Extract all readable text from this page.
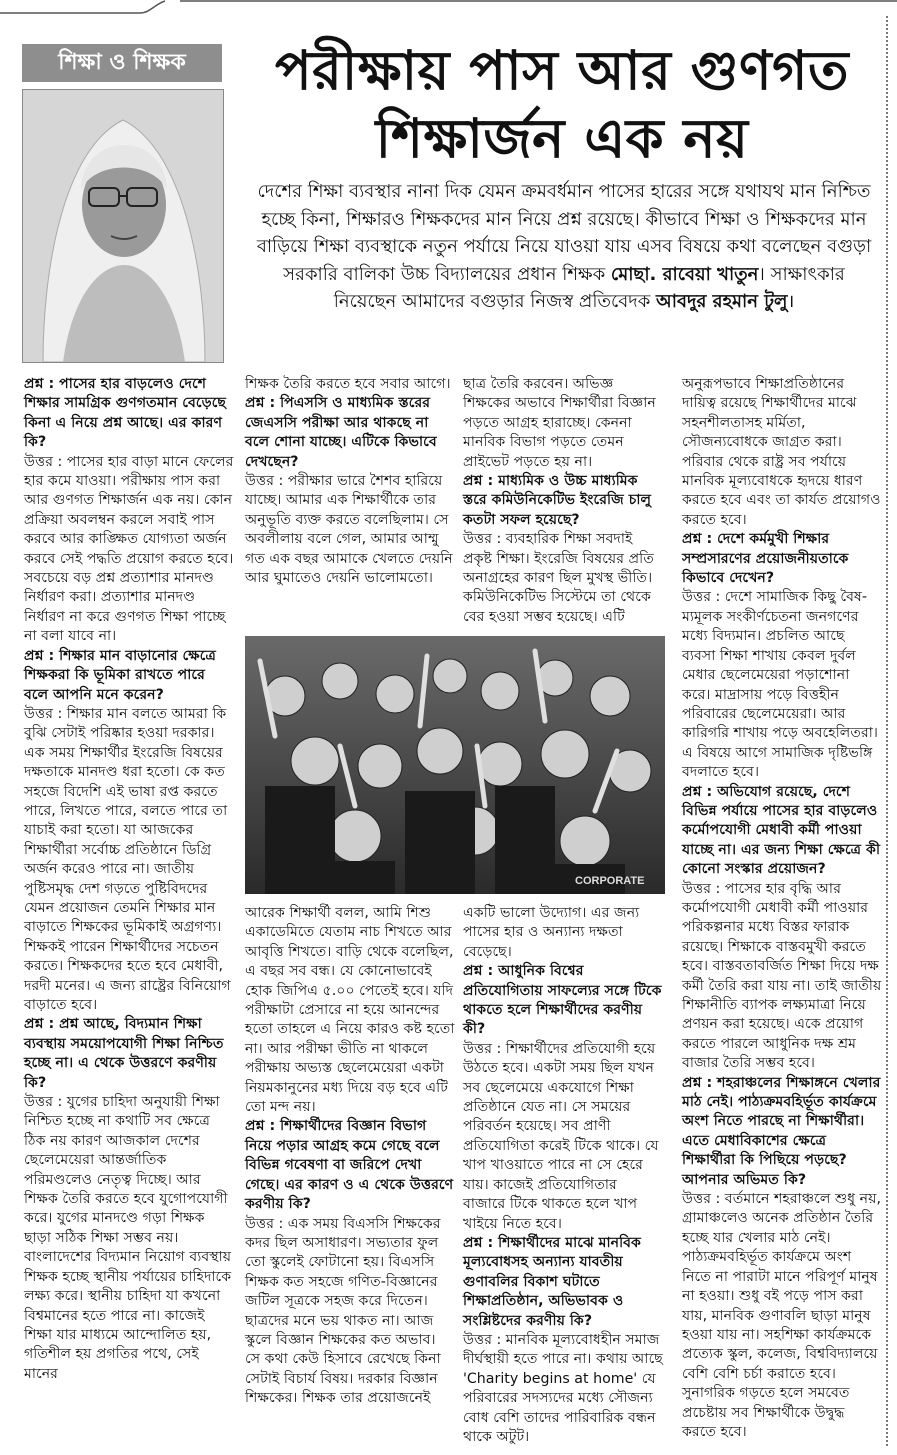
শিক্ষা ও শিক্ষক	পরীক্ষায় পাস আর গুণগত
শিক্ষার্জন এক নয়
দেশের শিক্ষা ব্যবস্থার নানা দিক যেমন ক্রমবর্ধমান পাসের হারের সঙ্গে যথাযথ মান নিশ্চিত হচ্ছে কিনা, শিক্ষারও শিক্ষকদের মান নিয়ে প্রশ্ন রয়েছে। কীভাবে শিক্ষা ও শিক্ষকদের মান বাড়িয়ে শিক্ষা ব্যবস্থাকে নতুন পর্যায়ে নিয়ে যাওয়া যায় এসব বিষয়ে কথা বলেছেন বগুড়া সরকারি বালিকা উচ্চ বিদ্যালয়ের প্রধান শিক্ষক মোছা. রাবেয়া খাতুন। সাক্ষাৎকার নিয়েছেন আমাদের বগুড়ার নিজস্ব প্রতিবেদক আবদুর রহমান টুলু।

প্রশ্ন : পাসের হার বাড়লেও দেশে শিক্ষার সামগ্রিক গুণগতমান বেড়েছে কিনা এ নিয়ে প্রশ্ন আছে। এর কারণ কি?

উত্তর : পাসের হার বাড়া মানে ফেলের হার কমে যাওয়া। পরীক্ষায় পাস করা আর গুণগত শিক্ষার্জন এক নয়। কোন প্রক্রিয়া অবলম্বন করলে সবাই পাস করবে আর কাঙ্ক্ষিত যোগ্যতা অর্জন করবে সেই পদ্ধতি প্রয়োগ করতে হবে। সবচেয়ে বড় প্রশ্ন প্রত্যাশার মানদণ্ড নির্ধারণ করা। প্রত্যাশার মানদণ্ড নির্ধারণ না করে গুণগত শিক্ষা পাচ্ছে না বলা যাবে না।

প্রশ্ন : শিক্ষার মান বাড়ানোর ক্ষেত্রে শিক্ষকরা কি ভূমিকা রাখতে পারে বলে আপনি মনে করেন?

উত্তর : শিক্ষার মান বলতে আমরা কি বুঝি সেটাই পরিষ্কার হওয়া দরকার। এক সময় শিক্ষার্থীর ইংরেজি বিষয়ের দক্ষতাকে মানদণ্ড ধরা হতো। কে কত সহজে বিদেশি এই ভাষা রপ্ত করতে পারে, লিখতে পারে, বলতে পারে তা যাচাই করা হতো। যা আজকের শিক্ষার্থীরা সর্বোচ্চ প্রতিষ্ঠানে ডিগ্রি অর্জন করেও পারে না। জাতীয় পুষ্টিসমৃদ্ধ দেশ গড়তে পুষ্টিবিদদের যেমন প্রয়োজন তেমনি শিক্ষার মান বাড়াতে শিক্ষকের ভূমিকাই অগ্রগণ্য। শিক্ষকই পারেন শিক্ষার্থীদের সচেতন করতে। শিক্ষকদের হতে হবে মেধাবী, দরদী মনের। এ জন্য রাষ্ট্রের বিনিয়োগ বাড়াতে হবে।

প্রশ্ন : প্রশ্ন আছে, বিদ্যমান শিক্ষা ব্যবস্থায় সময়োপযোগী শিক্ষা নিশ্চিত হচ্ছে না। এ থেকে উত্তরণে করণীয় কি?

উত্তর : যুগের চাহিদা অনুযায়ী শিক্ষা নিশ্চিত হচ্ছে না কথাটি সব ক্ষেত্রে ঠিক নয় কারণ আজকাল দেশের ছেলেমেয়েরা আন্তর্জাতিক পরিমণ্ডলেও নেতৃত্ব দিচ্ছে। আর শিক্ষক তৈরি করতে হবে যুগোপযোগী করে। যুগের মানদণ্ডে গড়া শিক্ষক ছাড়া সঠিক শিক্ষা সম্ভব নয়। বাংলাদেশের বিদ্যমান নিয়োগ ব্যবস্থায় শিক্ষক হচ্ছে স্থানীয় পর্যায়ের চাহিদাকে লক্ষ্য করে। স্থানীয় চাহিদা যা কখনো বিশ্বমানের হতে পারে না। কাজেই শিক্ষা যার মাধ্যমে আন্দোলিত হয়, গতিশীল হয় প্রগতির পথে, সেই মানের

শিক্ষক তৈরি করতে হবে সবার আগে।

প্রশ্ন : পিএসসি ও মাধ্যমিক স্তরের জেএসসি পরীক্ষা আর থাকছে না বলে শোনা যাচ্ছে। এটিকে কিভাবে দেখছেন?

উত্তর : পরীক্ষার ভারে শৈশব হারিয়ে যাচ্ছে। আমার এক শিক্ষার্থীকে তার অনুভূতি ব্যক্ত করতে বলেছিলাম। সে অবলীলায় বলে গেল, আমার আম্মু গত এক বছর আমাকে খেলতে দেয়নি আর ঘুমাতেও দেয়নি ভালোমতো।

ছাত্র তৈরি করবেন। অভিজ্ঞ শিক্ষকের অভাবে শিক্ষার্থীরা বিজ্ঞান পড়তে আগ্রহ হারাচ্ছে। কেননা মানবিক বিভাগ পড়তে তেমন প্রাইভেট পড়তে হয় না।

প্রশ্ন : মাধ্যমিক ও উচ্চ মাধ্যমিক স্তরে কমিউনিকেটিভ ইংরেজি চালু কতটা সফল হয়েছে?

উত্তর : ব্যবহারিক শিক্ষা সবদাই প্রকৃষ্ট শিক্ষা। ইংরেজি বিষয়ের প্রতি অনাগ্রহের কারণ ছিল মুখস্থ ভীতি। কমিউনিকেটিভ সিস্টেমে তা থেকে বের হওয়া সম্ভব হয়েছে। এটি

CORPORATE

আরেক শিক্ষার্থী বলল, আমি শিশু একাডেমিতে যেতাম নাচ শিখতে আর আবৃত্তি শিখতে। বাড়ি থেকে বলেছিল, এ বছর সব বন্ধ। যে কোনোভাবেই হোক জিপিএ ৫.০০ পেতেই হবে। যদি পরীক্ষাটা প্রেসারে না হয়ে আনন্দের হতো তাহলে এ নিয়ে কারও কষ্ট হতো না। আর পরীক্ষা ভীতি না থাকলে পরীক্ষায় অভ্যস্ত ছেলেমেয়েরা একটা নিয়মকানুনের মধ্য দিয়ে বড় হবে এটি তো মন্দ নয়।

প্রশ্ন : শিক্ষার্থীদের বিজ্ঞান বিভাগ নিয়ে পড়ার আগ্রহ কমে গেছে বলে বিভিন্ন গবেষণা বা জরিপে দেখা গেছে। এর কারণ ও এ থেকে উত্তরণে করণীয় কি?

উত্তর : এক সময় বিএসসি শিক্ষকের কদর ছিল অসাধারণ। সভ্যতার ফুল তো স্কুলেই ফোটানো হয়। বিএসসি শিক্ষক কত সহজে গণিত-বিজ্ঞানের জটিল সূত্রকে সহজ করে দিতেন। ছাত্রদের মনে ভয় থাকত না। আজ স্কুলে বিজ্ঞান শিক্ষকের কত অভাব। সে কথা কেউ হিসাবে রেখেছে কিনা সেটাই বিচার্য বিষয়। দরকার বিজ্ঞান শিক্ষকের। শিক্ষক তার প্রয়োজনেই

একটি ভালো উদ্যোগ। এর জন্য পাসের হার ও অন্যান্য দক্ষতা বেড়েছে।

প্রশ্ন : আধুনিক বিশ্বের প্রতিযোগিতায় সাফল্যের সঙ্গে টিকে থাকতে হলে শিক্ষার্থীদের করণীয় কী?

উত্তর : শিক্ষার্থীদের প্রতিযোগী হয়ে উঠতে হবে। একটা সময় ছিল যখন সব ছেলেমেয়ে একযোগে শিক্ষা প্রতিষ্ঠানে যেত না। সে সময়ের পরিবর্তন হয়েছে। সব প্রাণী প্রতিযোগিতা করেই টিকে থাকে। যে খাপ খাওয়াতে পারে না সে হেরে যায়। কাজেই প্রতিযোগিতার বাজারে টিকে থাকতে হলে খাপ খাইয়ে নিতে হবে।

প্রশ্ন : শিক্ষার্থীদের মাঝে মানবিক মূল্যবোধসহ অন্যান্য যাবতীয় গুণাবলির বিকাশ ঘটাতে শিক্ষাপ্রতিষ্ঠান, অভিভাবক ও সংশ্লিষ্টদের করণীয় কি?

উত্তর : মানবিক মূল্যবোধহীন সমাজ দীর্ঘস্থায়ী হতে পারে না। কথায় আছে 'Charity begins at home' যে পরিবারের সদস্যদের মধ্যে সৌজন্য বোধ বেশি তাদের পারিবারিক বন্ধন থাকে অটুট।

অনুরূপভাবে শিক্ষাপ্রতিষ্ঠানের দায়িত্ব রয়েছে শিক্ষার্থীদের মাঝে সহনশীলতাসহ মর্মিতা, সৌজন্যবোধকে জাগ্রত করা। পরিবার থেকে রাষ্ট্র সব পর্যায়ে মানবিক মূল্যবোধকে হৃদয়ে ধারণ করতে হবে এবং তা কার্যত প্রয়োগও করতে হবে।

প্রশ্ন : দেশে কর্মমুখী শিক্ষার সম্প্রসারণের প্রয়োজনীয়তাকে কিভাবে দেখেন?

উত্তর : দেশে সামাজিক কিছু বৈষ-ম্যমূলক সংকীর্ণচেতনা জনগণের মধ্যে বিদ্যমান। প্রচলিত আছে ব্যবসা শিক্ষা শাখায় কেবল দুর্বল মেধার ছেলেমেয়েরা পড়াশোনা করে। মাদ্রাসায় পড়ে বিত্তহীন পরিবারের ছেলেমেয়েরা। আর কারিগরি শাখায় পড়ে অবহেলিতরা। এ বিষয়ে আগে সামাজিক দৃষ্টিভঙ্গি বদলাতে হবে।

প্রশ্ন : অভিযোগ রয়েছে, দেশে বিভিন্ন পর্যায়ে পাসের হার বাড়লেও কর্মোপযোগী মেধাবী কর্মী পাওয়া যাচ্ছে না। এর জন্য শিক্ষা ক্ষেত্রে কী কোনো সংস্কার প্রয়োজন?

উত্তর : পাসের হার বৃদ্ধি আর কর্মোপযোগী মেধাবী কর্মী পাওয়ার পরিকল্পনার মধ্যে বিস্তর ফারাক রয়েছে। শিক্ষাকে বাস্তবমুখী করতে হবে। বাস্তবতাবর্জিত শিক্ষা দিয়ে দক্ষ কর্মী তৈরি করা যায় না। তাই জাতীয় শিক্ষানীতি ব্যাপক লক্ষ্যমাত্রা নিয়ে প্রণয়ন করা হয়েছে। একে প্রয়োগ করতে পারলে আধুনিক দক্ষ শ্রম বাজার তৈরি সম্ভব হবে।

প্রশ্ন : শহরাঞ্চলের শিক্ষাঙ্গনে খেলার মাঠ নেই। পাঠ্যক্রমবহির্ভূত কার্যক্রমে অংশ নিতে পারছে না শিক্ষার্থীরা। এতে মেধাবিকাশের ক্ষেত্রে শিক্ষার্থীরা কি পিছিয়ে পড়ছে? আপনার অভিমত কি?

উত্তর : বর্তমানে শহরাঞ্চলে শুধু নয়, গ্রামাঞ্চলেও অনেক প্রতিষ্ঠান তৈরি হচ্ছে যার খেলার মাঠ নেই। পাঠ্যক্রমবহির্ভূত কার্যক্রমে অংশ নিতে না পারাটা মানে পরিপূর্ণ মানুষ না হওয়া। শুধু বই পড়ে পাস করা যায়, মানবিক গুণাবলি ছাড়া মানুষ হওয়া যায় না। সহশিক্ষা কার্যক্রমকে প্রত্যেক স্কুল, কলেজ, বিশ্ববিদ্যালয়ে বেশি বেশি চর্চা করাতে হবে। সুনাগরিক গড়তে হলে সমবেত প্রচেষ্টায় সব শিক্ষার্থীকে উদ্বুদ্ধ করতে হবে।
